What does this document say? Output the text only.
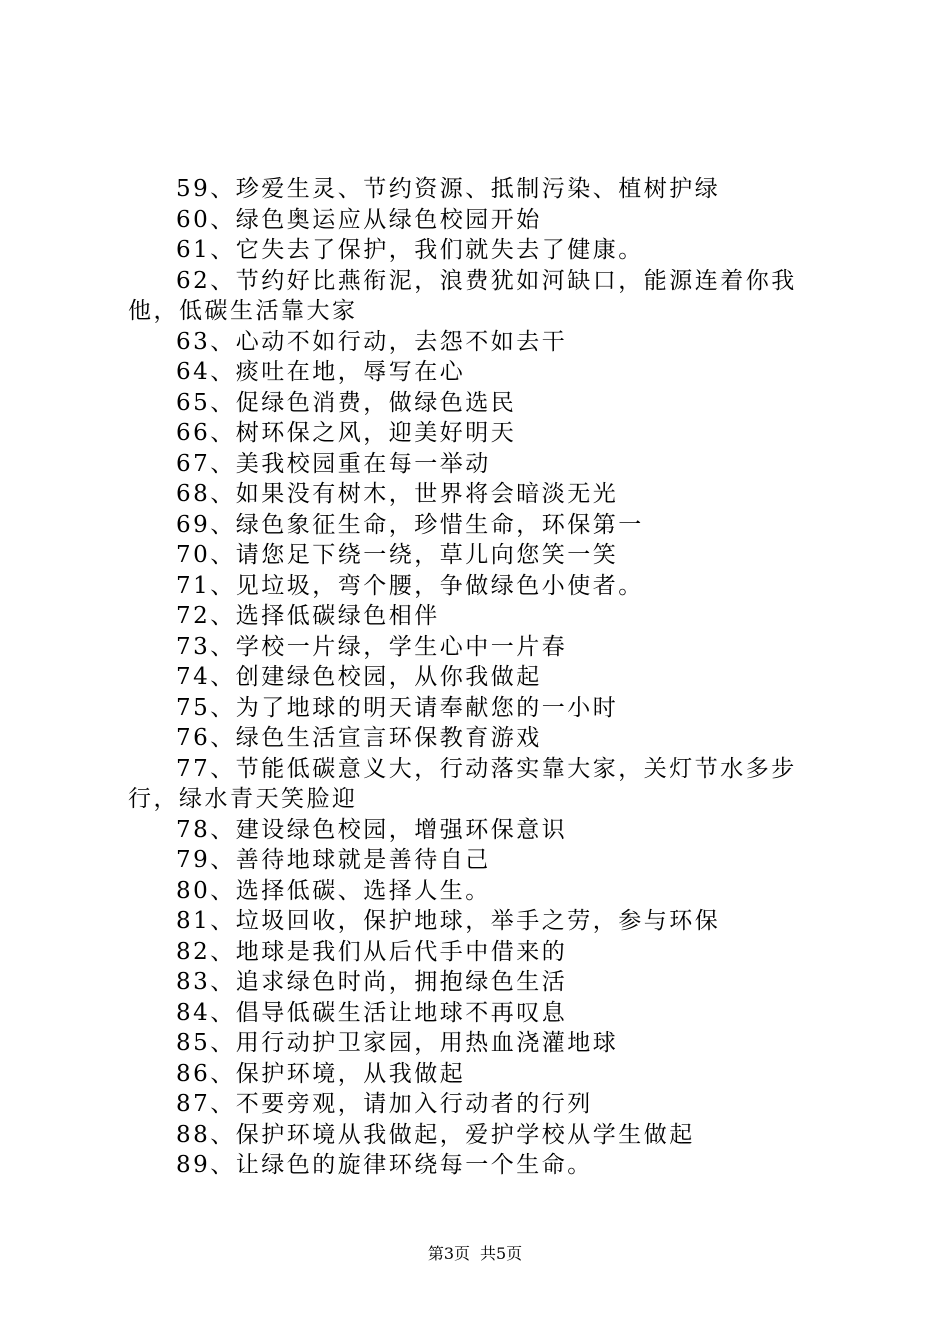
59、珍爱生灵、节约资源、抵制污染、植树护绿

60、绿色奥运应从绿色校园开始

61、它失去了保护，我们就失去了健康。

62、节约好比燕衔泥，浪费犹如河缺口，能源连着你我他，低碳生活靠大家

63、心动不如行动，去怨不如去干

64、痰吐在地，辱写在心

65、促绿色消费，做绿色选民

66、树环保之风，迎美好明天

67、美我校园重在每一举动

68、如果没有树木，世界将会暗淡无光

69、绿色象征生命，珍惜生命，环保第一

70、请您足下绕一绕，草儿向您笑一笑

71、见垃圾，弯个腰，争做绿色小使者。

72、选择低碳绿色相伴

73、学校一片绿，学生心中一片春

74、创建绿色校园，从你我做起

75、为了地球的明天请奉献您的一小时

76、绿色生活宣言环保教育游戏

77、节能低碳意义大，行动落实靠大家，关灯节水多步行，绿水青天笑脸迎

78、建设绿色校园，增强环保意识

79、善待地球就是善待自己

80、选择低碳、选择人生。

81、垃圾回收，保护地球，举手之劳，参与环保

82、地球是我们从后代手中借来的

83、追求绿色时尚，拥抱绿色生活

84、倡导低碳生活让地球不再叹息

85、用行动护卫家园，用热血浇灌地球

86、保护环境，从我做起

87、不要旁观，请加入行动者的行列

88、保护环境从我做起，爱护学校从学生做起

89、让绿色的旋律环绕每一个生命。

第3页 共5页
